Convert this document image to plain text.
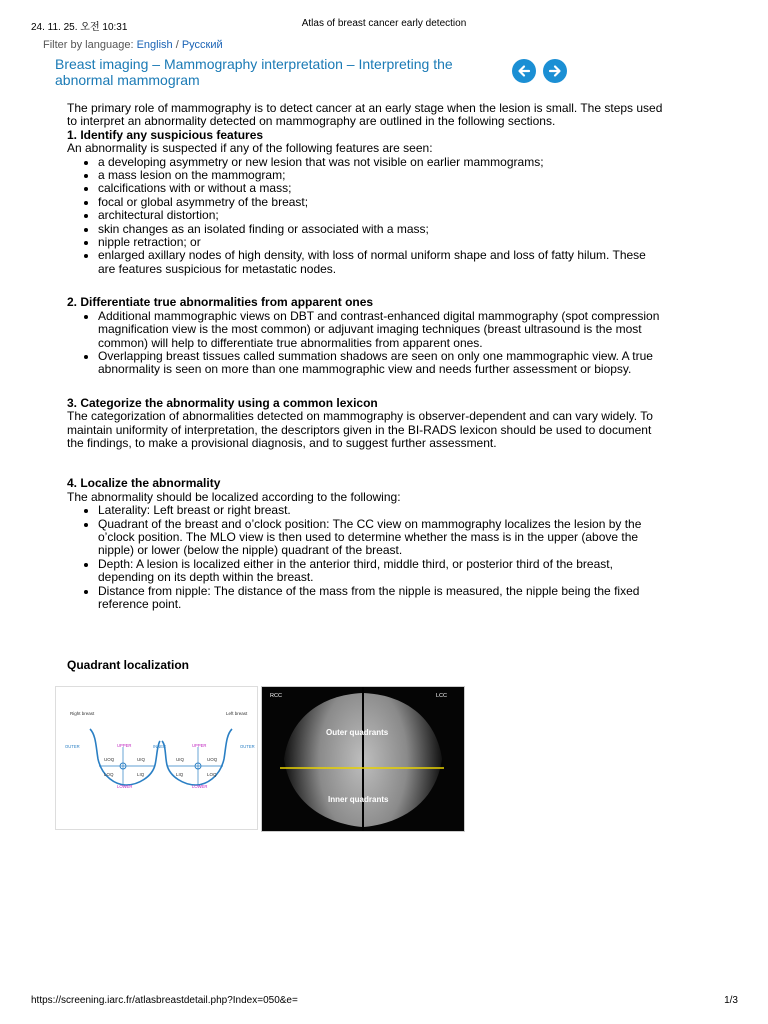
24. 11. 25. 오전 10:31	Atlas of breast cancer early detection
Filter by language: English / Русский
Breast imaging – Mammography interpretation – Interpreting the abnormal mammogram

The primary role of mammography is to detect cancer at an early stage when the lesion is small. The steps used to interpret an abnormality detected on mammography are outlined in the following sections.

1. Identify any suspicious features

An abnormality is suspected if any of the following features are seen:

• a developing asymmetry or new lesion that was not visible on earlier mammograms;
• a mass lesion on the mammogram;
• calcifications with or without a mass;
• focal or global asymmetry of the breast;
• architectural distortion;
• skin changes as an isolated finding or associated with a mass;
• nipple retraction; or
• enlarged axillary nodes of high density, with loss of normal uniform shape and loss of fatty hilum. These are features suspicious for metastatic nodes.

2. Differentiate true abnormalities from apparent ones

• Additional mammographic views on DBT and contrast-enhanced digital mammography (spot compression magnification view is the most common) or adjuvant imaging techniques (breast ultrasound is the most common) will help to differentiate true abnormalities from apparent ones.
• Overlapping breast tissues called summation shadows are seen on only one mammographic view. A true abnormality is seen on more than one mammographic view and needs further assessment or biopsy.

3. Categorize the abnormality using a common lexicon

The categorization of abnormalities detected on mammography is observer-dependent and can vary widely. To maintain uniformity of interpretation, the descriptors given in the BI-RADS lexicon should be used to document the findings, to make a provisional diagnosis, and to suggest further assessment.

4. Localize the abnormality

The abnormality should be localized according to the following:

• Laterality: Left breast or right breast.
• Quadrant of the breast and o’clock position: The CC view on mammography localizes the lesion by the o’clock position. The MLO view is then used to determine whether the mass is in the upper (above the nipple) or lower (below the nipple) quadrant of the breast.
• Depth: A lesion is localized either in the anterior third, middle third, or posterior third of the breast, depending on its depth within the breast.
• Distance from nipple: The distance of the mass from the nipple is measured, the nipple being the fixed reference point.
Quadrant localization
Right breast	Left breast
OUTER	UPPER	INNER	UPPER	OUTER
UOQ	UIQ
LOQ	LIQ
UIQ	UOQ
LIQ	LOQ
LOWER	LOWER
RCC	LCC
Outer quadrants
Inner quadrants
https://screening.iarc.fr/atlasbreastdetail.php?Index=050&e=	1/3
